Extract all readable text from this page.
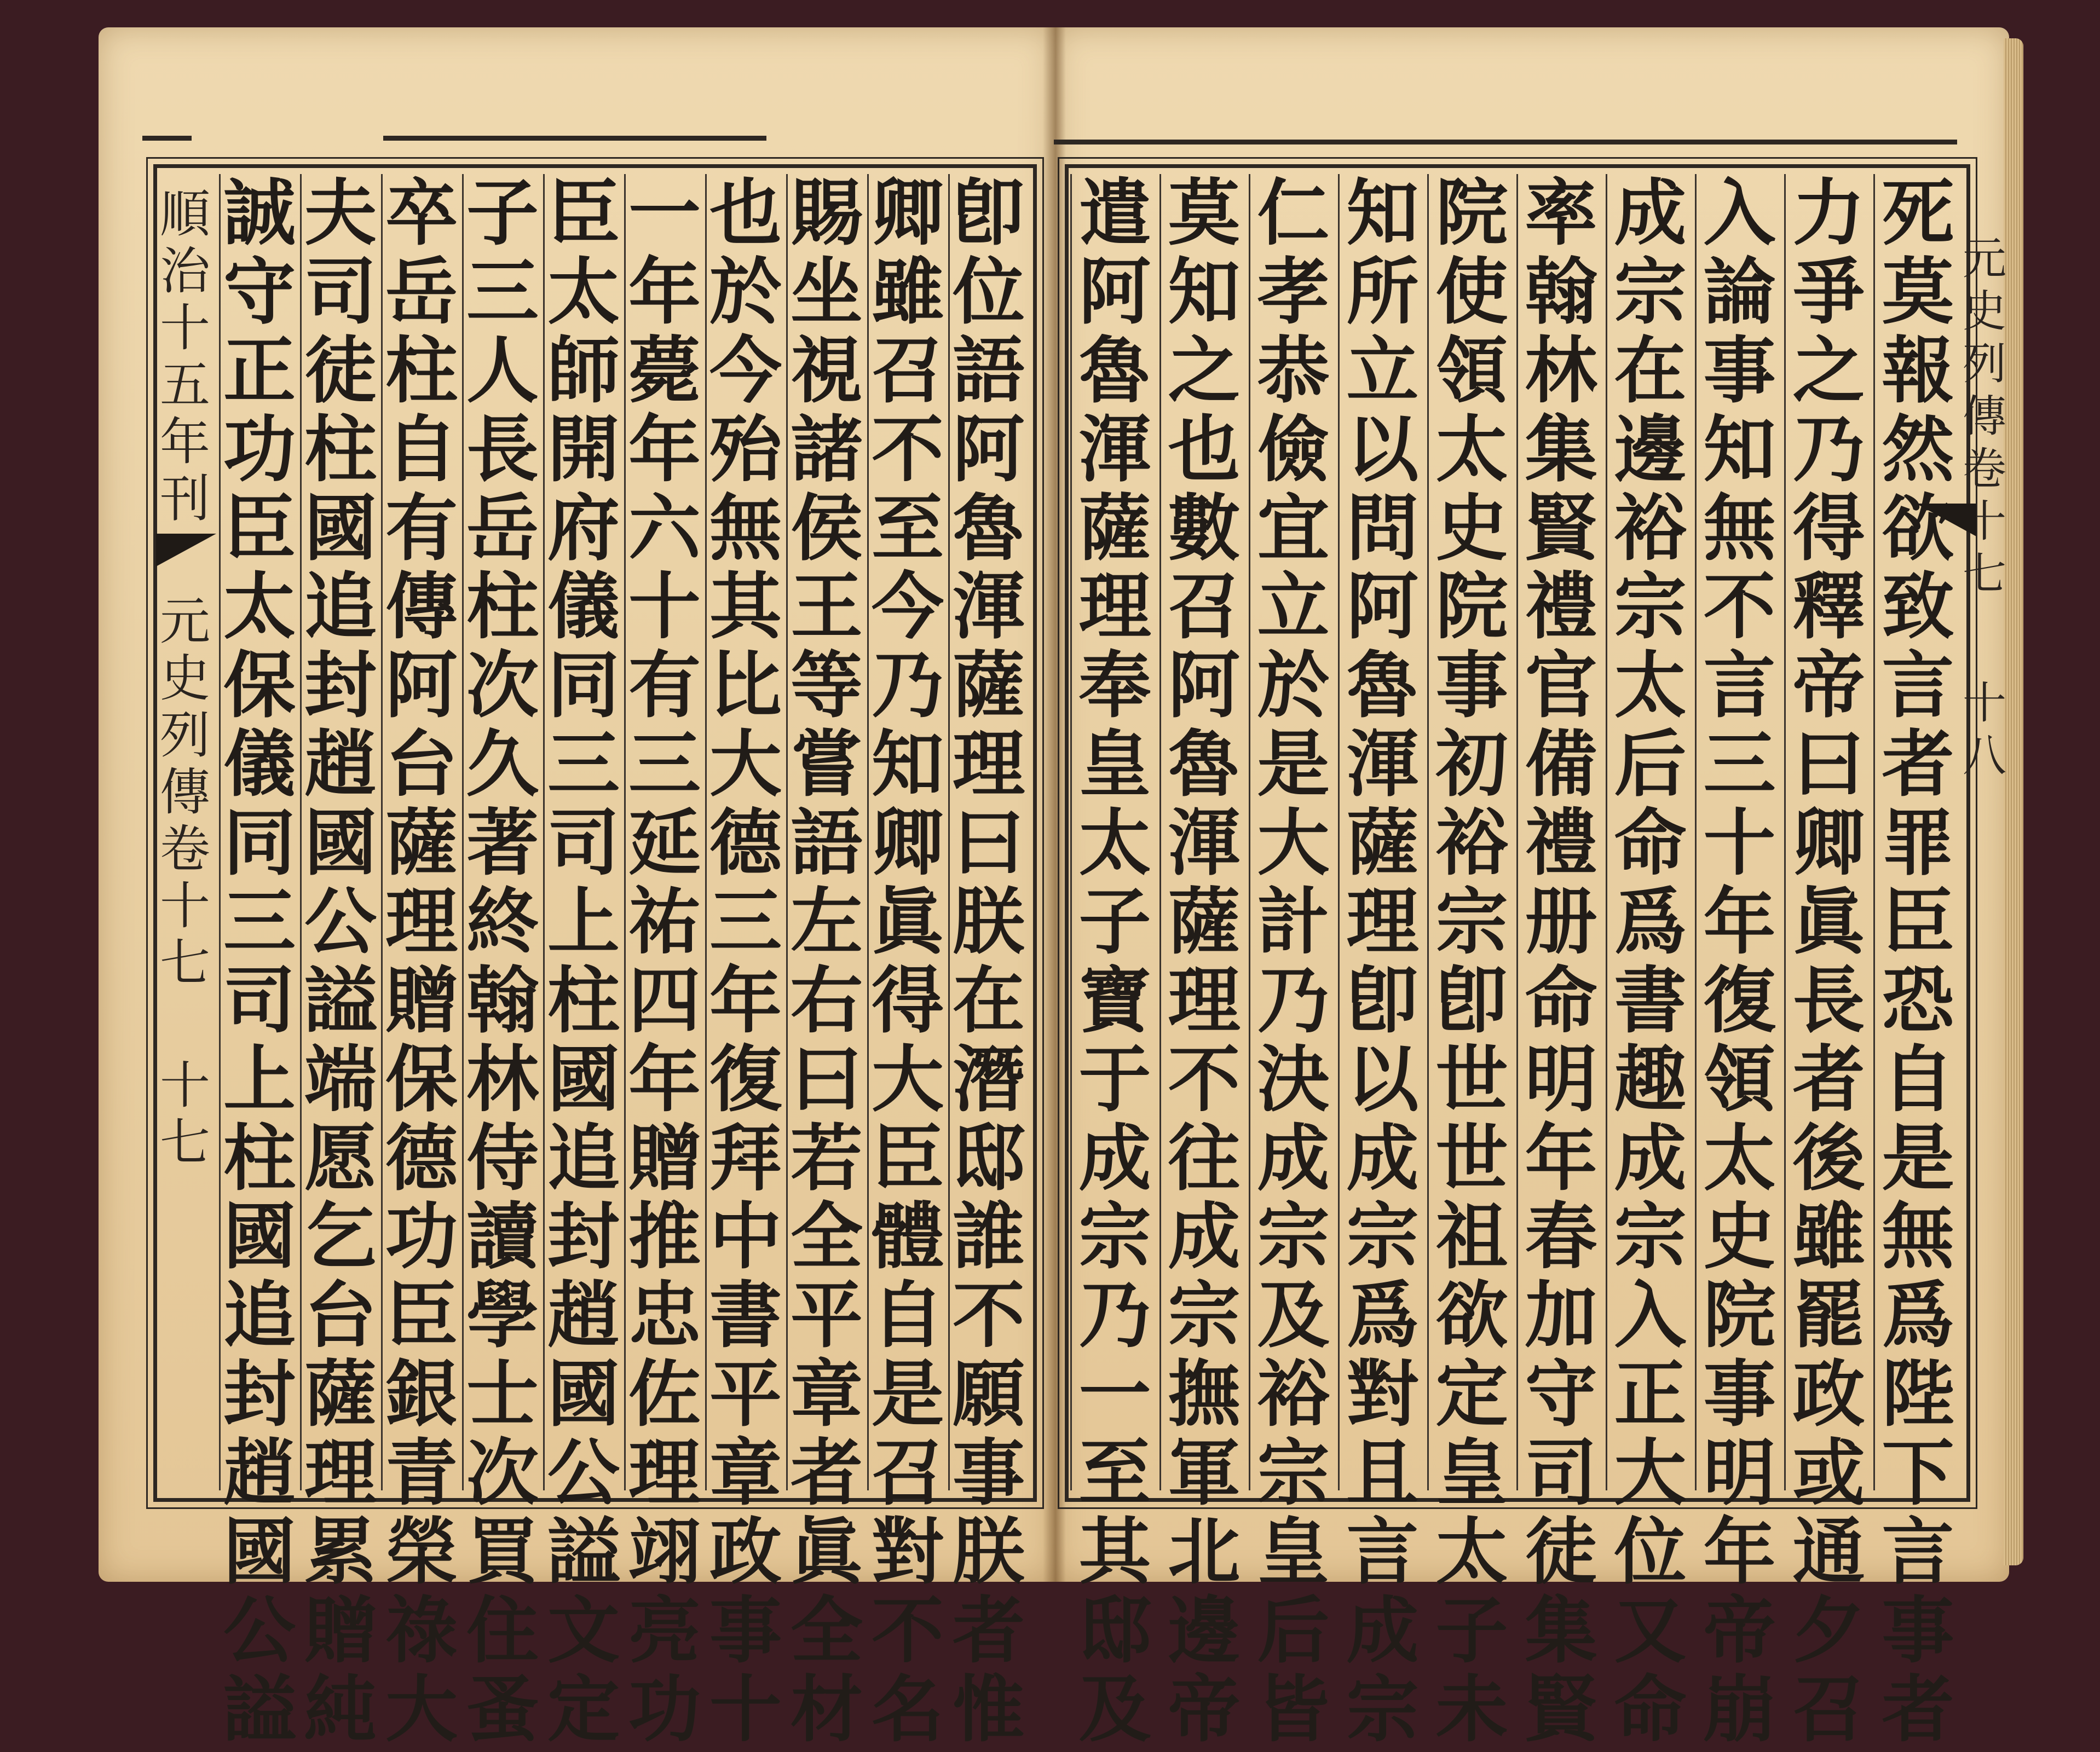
順
治
十
五
年
刊
元
史
列
傳
卷
十
七
十
七
卽
位
語
阿
魯
渾
薩
理
曰
朕
在
潛
邸
誰
不
願
事
朕
者
惟
卿
雖
召
不
至
今
乃
知
卿
眞
得
大
臣
體
自
是
召
對
不
名
賜
坐
視
諸
侯
王
等
嘗
語
左
右
曰
若
全
平
章
者
眞
全
材
也
於
今
殆
無
其
比
大
德
三
年
復
拜
中
書
平
章
政
事
十
一
年
薨
年
六
十
有
三
延
祐
四
年
贈
推
忠
佐
理
翊
亮
功
臣
太
師
開
府
儀
同
三
司
上
柱
國
追
封
趙
國
公
謚
文
定
子
三
人
長
岳
柱
次
久
著
終
翰
林
侍
讀
學
士
次
買
住
蚤
卒
岳
柱
自
有
傳
阿
台
薩
理
贈
保
德
功
臣
銀
青
榮
祿
大
夫
司
徒
柱
國
追
封
趙
國
公
謚
端
愿
乞
台
薩
理
累
贈
純
誠
守
正
功
臣
太
保
儀
同
三
司
上
柱
國
追
封
趙
國
公
謚
死
莫
報
然
欲
致
言
者
罪
臣
恐
自
是
無
爲
陛
下
言
事
者
力
爭
之
乃
得
釋
帝
曰
卿
眞
長
者
後
雖
罷
政
或
通
夕
召
入
論
事
知
無
不
言
三
十
年
復
領
太
史
院
事
明
年
帝
崩
成
宗
在
邊
裕
宗
太
后
命
爲
書
趣
成
宗
入
正
大
位
又
命
率
翰
林
集
賢
禮
官
備
禮
册
命
明
年
春
加
守
司
徒
集
賢
院
使
領
太
史
院
事
初
裕
宗
卽
世
世
祖
欲
定
皇
太
子
未
知
所
立
以
問
阿
魯
渾
薩
理
卽
以
成
宗
爲
對
且
言
成
宗
仁
孝
恭
儉
宜
立
於
是
大
計
乃
決
成
宗
及
裕
宗
皇
后
皆
莫
知
之
也
數
召
阿
魯
渾
薩
理
不
往
成
宗
撫
軍
北
邊
帝
遣
阿
魯
渾
薩
理
奉
皇
太
子
寶
于
成
宗
乃
一
至
其
邸
及
元
史
列
傳
卷
十
七
十
八
